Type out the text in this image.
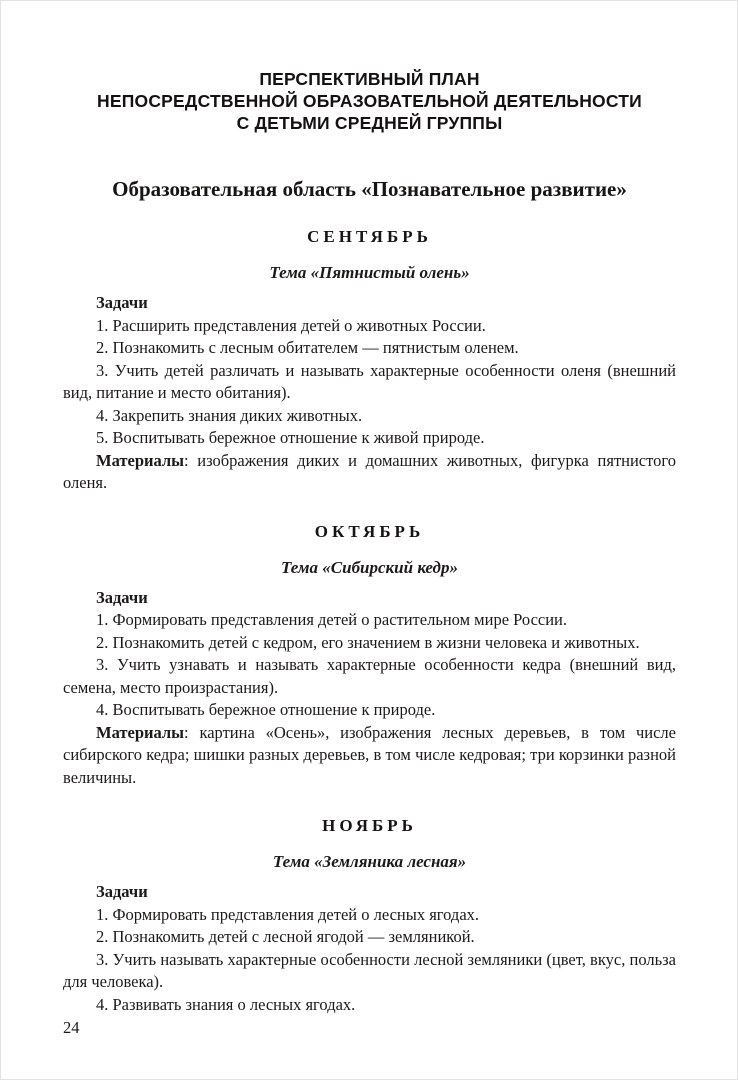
ПЕРСПЕКТИВНЫЙ ПЛАН
НЕПОСРЕДСТВЕННОЙ ОБРАЗОВАТЕЛЬНОЙ ДЕЯТЕЛЬНОСТИ
С ДЕТЬМИ СРЕДНЕЙ ГРУППЫ
Образовательная область «Познавательное развитие»
СЕНТЯБРЬ
Тема «Пятнистый олень»

Задачи

1. Расширить представления детей о животных России.

2. Познакомить с лесным обитателем — пятнистым оленем.

3. Учить детей различать и называть характерные особенности оленя (внешний вид, питание и место обитания).

4. Закрепить знания диких животных.

5. Воспитывать бережное отношение к живой природе.

Материалы: изображения диких и домашних животных, фигурка пятнистого оленя.

ОКТЯБРЬ
Тема «Сибирский кедр»

Задачи

1. Формировать представления детей о растительном мире России.

2. Познакомить детей с кедром, его значением в жизни человека и животных.

3. Учить узнавать и называть характерные особенности кедра (внешний вид, семена, место произрастания).

4. Воспитывать бережное отношение к природе.

Материалы: картина «Осень», изображения лесных деревьев, в том числе сибирского кедра; шишки разных деревьев, в том числе кедровая; три корзинки разной величины.

НОЯБРЬ
Тема «Земляника лесная»

Задачи

1. Формировать представления детей о лесных ягодах.

2. Познакомить детей с лесной ягодой — земляникой.

3. Учить называть характерные особенности лесной земляники (цвет, вкус, польза для человека).

4. Развивать знания о лесных ягодах.

24
